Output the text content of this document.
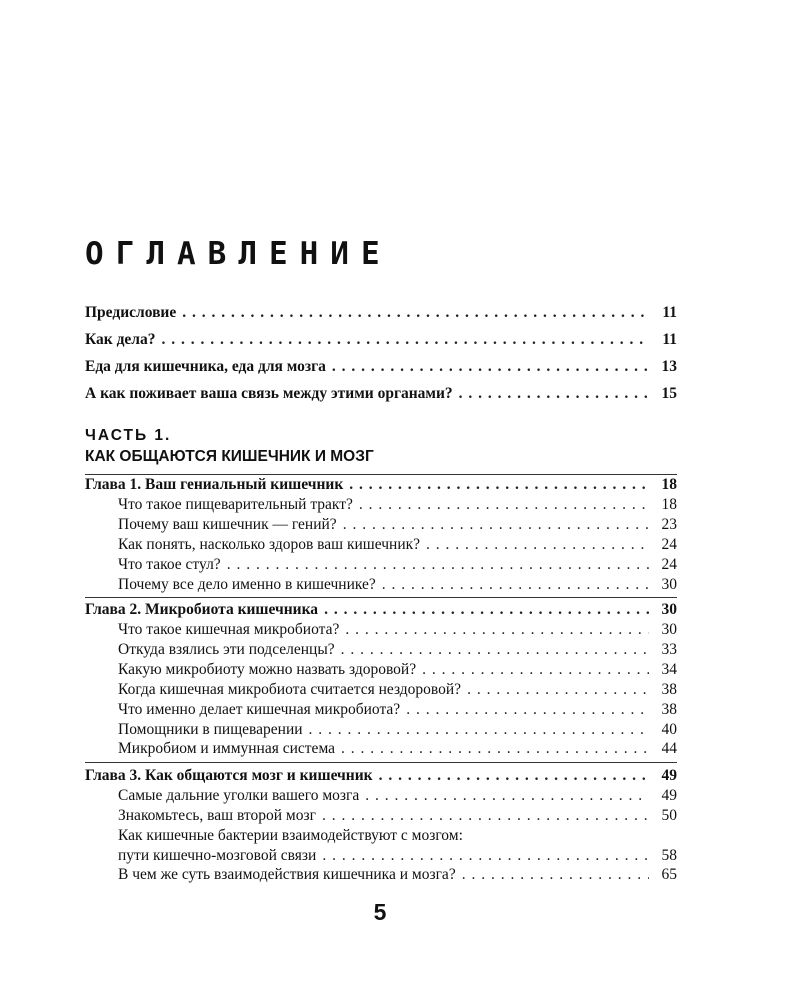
ОГЛАВЛЕНИЕ
Предисловие . . .	11
Как дела? . . .	11
Еда для кишечника, еда для мозга . . .	13
А как поживает ваша связь между этими органами? . . .	15
ЧАСТЬ 1.
КАК ОБЩАЮТСЯ КИШЕЧНИК И МОЗГ
Глава 1. Ваш гениальный кишечник . . .	18
Что такое пищеварительный тракт? . . .	18
Почему ваш кишечник — гений? . . .	23
Как понять, насколько здоров ваш кишечник? . . .	24
Что такое стул? . . .	24
Почему все дело именно в кишечнике? . . .	30
Глава 2. Микробиота кишечника . . .	30
Что такое кишечная микробиота? . . .	30
Откуда взялись эти подселенцы? . . .	33
Какую микробиоту можно назвать здоровой? . . .	34
Когда кишечная микробиота считается нездоровой? . . .	38
Что именно делает кишечная микробиота? . . .	38
Помощники в пищеварении . . .	40
Микробиом и иммунная система . . .	44
Глава 3. Как общаются мозг и кишечник . . .	49
Самые дальние уголки вашего мозга . . .	49
Знакомьтесь, ваш второй мозг . . .	50
Как кишечные бактерии взаимодействуют с мозгом:
пути кишечно-мозговой связи . . .	58
В чем же суть взаимодействия кишечника и мозга? . . .	65
5
